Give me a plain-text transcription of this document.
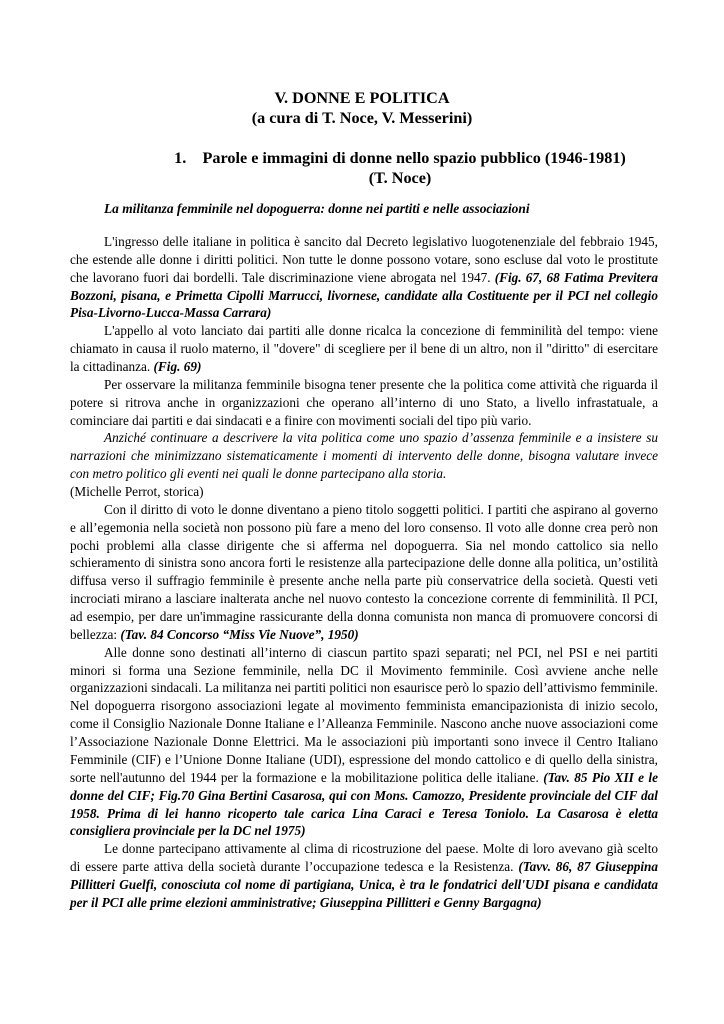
V. DONNE E POLITICA
(a cura di T. Noce, V. Messerini)
1. Parole e immagini di donne nello spazio pubblico (1946-1981)
(T. Noce)
La militanza femminile nel dopoguerra: donne nei partiti e nelle associazioni

L'ingresso delle italiane in politica è sancito dal Decreto legislativo luogotenenziale del febbraio 1945, che estende alle donne i diritti politici. Non tutte le donne possono votare, sono escluse dal voto le prostitute che lavorano fuori dai bordelli. Tale discriminazione viene abrogata nel 1947. (Fig. 67, 68 Fatima Previtera Bozzoni, pisana, e Primetta Cipolli Marrucci, livornese, candidate alla Costituente per il PCI nel collegio Pisa-Livorno-Lucca-Massa Carrara)

L'appello al voto lanciato dai partiti alle donne ricalca la concezione di femminilità del tempo: viene chiamato in causa il ruolo materno, il "dovere" di scegliere per il bene di un altro, non il "diritto" di esercitare la cittadinanza. (Fig. 69)

Per osservare la militanza femminile bisogna tener presente che la politica come attività che riguarda il potere si ritrova anche in organizzazioni che operano all’interno di uno Stato, a livello infrastatuale, a cominciare dai partiti e dai sindacati e a finire con movimenti sociali del tipo più vario.

Anziché continuare a descrivere la vita politica come uno spazio d’assenza femminile e a insistere su narrazioni che minimizzano sistematicamente i momenti di intervento delle donne, bisogna valutare invece con metro politico gli eventi nei quali le donne partecipano alla storia.

(Michelle Perrot, storica)

Con il diritto di voto le donne diventano a pieno titolo soggetti politici. I partiti che aspirano al governo e all’egemonia nella società non possono più fare a meno del loro consenso. Il voto alle donne crea però non pochi problemi alla classe dirigente che si afferma nel dopoguerra. Sia nel mondo cattolico sia nello schieramento di sinistra sono ancora forti le resistenze alla partecipazione delle donne alla politica, un’ostilità diffusa verso il suffragio femminile è presente anche nella parte più conservatrice della società. Questi veti incrociati mirano a lasciare inalterata anche nel nuovo contesto la concezione corrente di femminilità. Il PCI, ad esempio, per dare un'immagine rassicurante della donna comunista non manca di promuovere concorsi di bellezza: (Tav. 84 Concorso “Miss Vie Nuove”, 1950)

Alle donne sono destinati all’interno di ciascun partito spazi separati; nel PCI, nel PSI e nei partiti minori si forma una Sezione femminile, nella DC il Movimento femminile. Così avviene anche nelle organizzazioni sindacali. La militanza nei partiti politici non esaurisce però lo spazio dell’attivismo femminile. Nel dopoguerra risorgono associazioni legate al movimento femminista emancipazionista di inizio secolo, come il Consiglio Nazionale Donne Italiane e l’Alleanza Femminile. Nascono anche nuove associazioni come l’Associazione Nazionale Donne Elettrici. Ma le associazioni più importanti sono invece il Centro Italiano Femminile (CIF) e l’Unione Donne Italiane (UDI), espressione del mondo cattolico e di quello della sinistra, sorte nell'autunno del 1944 per la formazione e la mobilitazione politica delle italiane. (Tav. 85 Pio XII e le donne del CIF; Fig.70 Gina Bertini Casarosa, qui con Mons. Camozzo, Presidente provinciale del CIF dal 1958. Prima di lei hanno ricoperto tale carica Lina Caraci e Teresa Toniolo. La Casarosa è eletta consigliera provinciale per la DC nel 1975)

Le donne partecipano attivamente al clima di ricostruzione del paese. Molte di loro avevano già scelto di essere parte attiva della società durante l’occupazione tedesca e la Resistenza. (Tavv. 86, 87 Giuseppina Pillitteri Guelfi, conosciuta col nome di partigiana, Unica, è tra le fondatrici dell'UDI pisana e candidata per il PCI alle prime elezioni amministrative; Giuseppina Pillitteri e Genny Bargagna)
